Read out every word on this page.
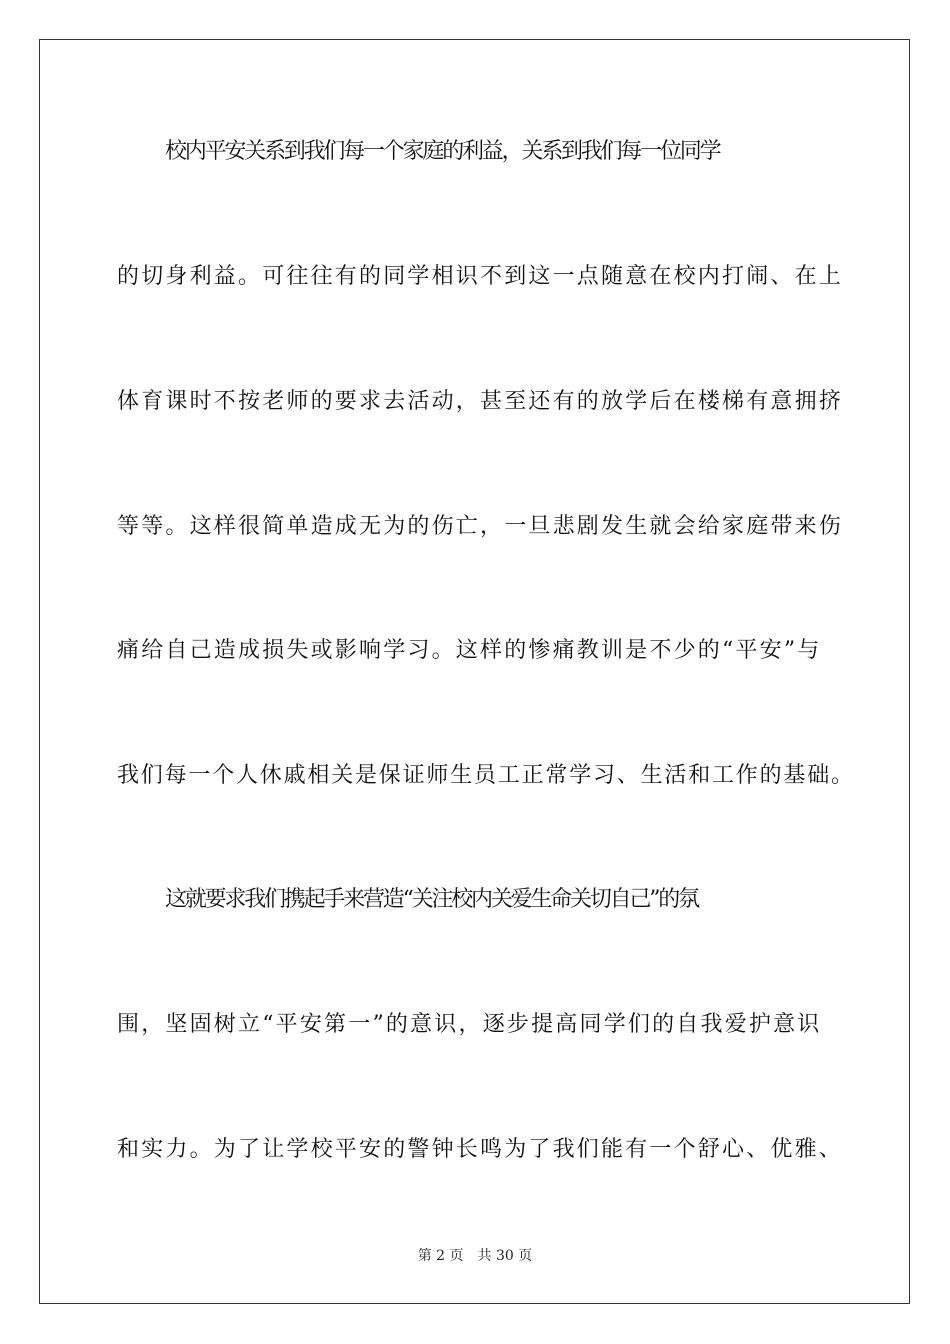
校内平安关系到我们每一个家庭的利益，关系到我们每一位同学
的切身利益。可往往有的同学相识不到这一点随意在校内打闹、在上
体育课时不按老师的要求去活动，甚至还有的放学后在楼梯有意拥挤
等等。这样很简单造成无为的伤亡，一旦悲剧发生就会给家庭带来伤
痛给自己造成损失或影响学习。这样的惨痛教训是不少的“平安”与
我们每一个人休戚相关是保证师生员工正常学习、生活和工作的基础。
这就要求我们携起手来营造“关注校内关爱生命关切自己”的氛
围，坚固树立“平安第一”的意识，逐步提高同学们的自我爱护意识
和实力。为了让学校平安的警钟长鸣为了我们能有一个舒心、优雅、
第 2 页 共 30 页
